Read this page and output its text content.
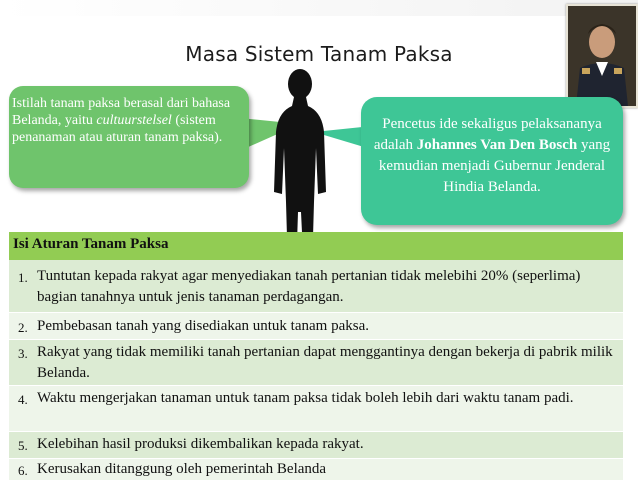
Masa Sistem Tanam Paksa
Istilah tanam paksa berasal dari bahasa Belanda, yaitu cultuurstelsel (sistem penanaman atau aturan tanam paksa).
Pencetus ide sekaligus pelaksananya adalah Johannes Van Den Bosch yang kemudian menjadi Gubernur Jenderal Hindia Belanda.
Isi Aturan Tanam Paksa
1. Tuntutan kepada rakyat agar menyediakan tanah pertanian tidak melebihi 20% (seperlima) bagian tanahnya untuk jenis tanaman perdagangan.
2. Pembebasan tanah yang disediakan untuk tanam paksa.
3. Rakyat yang tidak memiliki tanah pertanian dapat menggantinya dengan bekerja di pabrik milik Belanda.
4. Waktu mengerjakan tanaman untuk tanam paksa tidak boleh lebih dari waktu tanam padi.
5. Kelebihan hasil produksi dikembalikan kepada rakyat.
6. Kerusakan ditanggung oleh pemerintah Belanda
